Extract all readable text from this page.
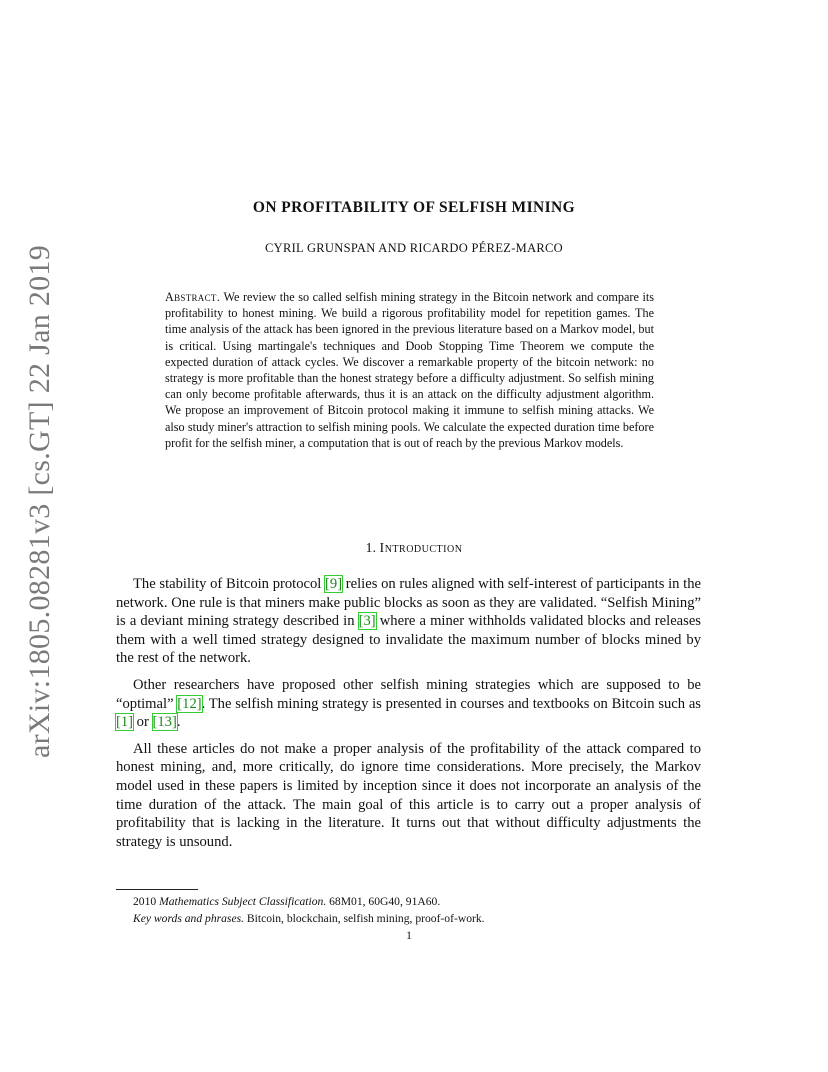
arXiv:1805.08281v3 [cs.GT] 22 Jan 2019
ON PROFITABILITY OF SELFISH MINING
CYRIL GRUNSPAN AND RICARDO PÉREZ-MARCO
Abstract. We review the so called selfish mining strategy in the Bitcoin network and compare its profitability to honest mining. We build a rigorous profitability model for repetition games. The time analysis of the attack has been ignored in the previous literature based on a Markov model, but is critical. Using martingale's techniques and Doob Stopping Time Theorem we compute the expected duration of attack cycles. We discover a remarkable property of the bitcoin network: no strategy is more profitable than the honest strategy before a difficulty adjustment. So selfish mining can only become profitable afterwards, thus it is an attack on the difficulty adjustment algorithm. We propose an improvement of Bitcoin protocol making it immune to selfish mining attacks. We also study miner's attraction to selfish mining pools. We calculate the expected duration time before profit for the selfish miner, a computation that is out of reach by the previous Markov models.
1. Introduction

The stability of Bitcoin protocol [9] relies on rules aligned with self-interest of participants in the network. One rule is that miners make public blocks as soon as they are validated. “Selfish Mining” is a deviant mining strategy described in [3] where a miner withholds validated blocks and releases them with a well timed strategy designed to invalidate the maximum number of blocks mined by the rest of the network.

Other researchers have proposed other selfish mining strategies which are supposed to be “optimal” [12]. The selfish mining strategy is presented in courses and textbooks on Bitcoin such as [1] or [13].

All these articles do not make a proper analysis of the profitability of the attack compared to honest mining, and, more critically, do ignore time considerations. More precisely, the Markov model used in these papers is limited by inception since it does not incorporate an analysis of the time duration of the attack. The main goal of this article is to carry out a proper analysis of profitability that is lacking in the literature. It turns out that without difficulty adjustments the strategy is unsound.

2010 Mathematics Subject Classification. 68M01, 60G40, 91A60.
Key words and phrases. Bitcoin, blockchain, selfish mining, proof-of-work.
1
